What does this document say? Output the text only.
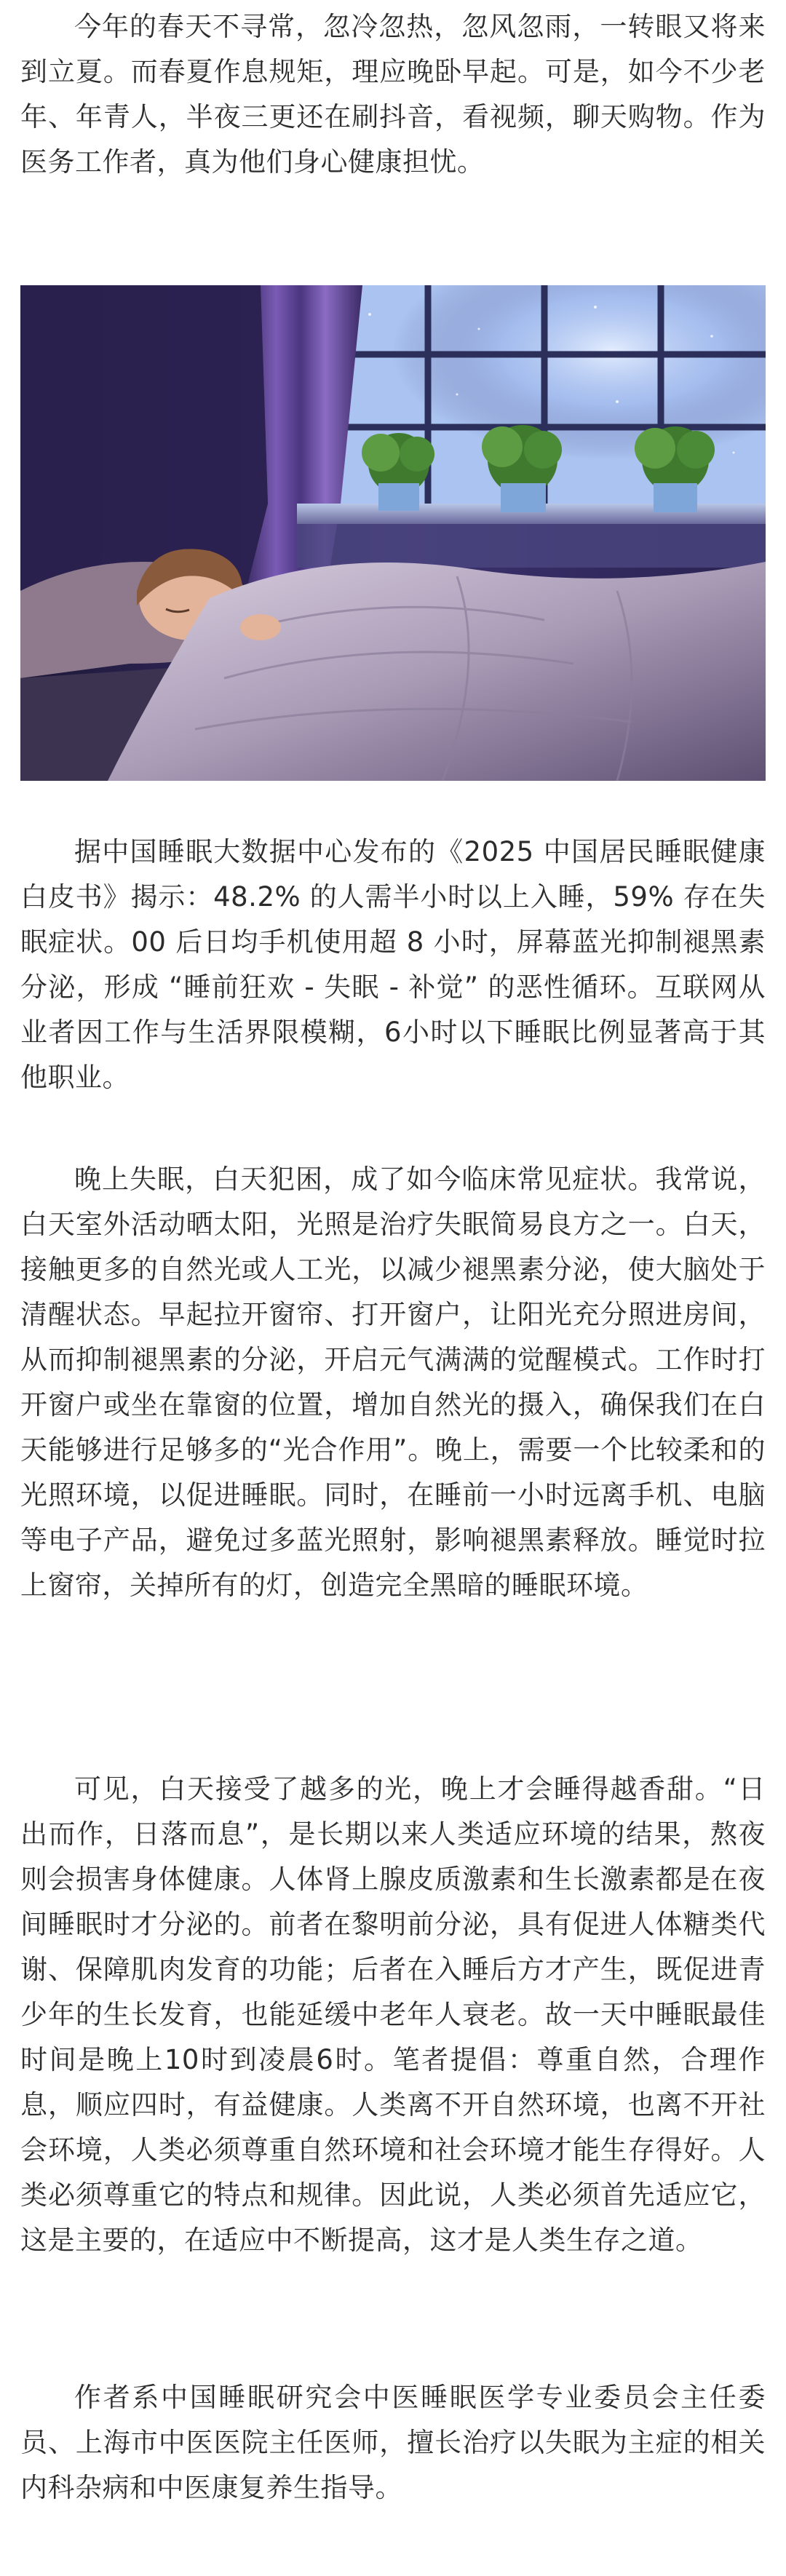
今年的春天不寻常，忽冷忽热，忽风忽雨，一转眼又将来到立夏。而春夏作息规矩，理应晚卧早起。可是，如今不少老年、年青人，半夜三更还在刷抖音，看视频，聊天购物。作为医务工作者，真为他们身心健康担忧。

据中国睡眠大数据中心发布的《2025 中国居民睡眠健康白皮书》揭示：48.2% 的人需半小时以上入睡，59% 存在失眠症状。00 后日均手机使用超 8 小时，屏幕蓝光抑制褪黑素分泌，形成 “睡前狂欢 - 失眠 - 补觉” 的恶性循环。互联网从业者因工作与生活界限模糊，6小时以下睡眠比例显著高于其他职业。

晚上失眠，白天犯困，成了如今临床常见症状。我常说，白天室外活动晒太阳，光照是治疗失眠简易良方之一。白天，接触更多的自然光或人工光，以减少褪黑素分泌，使大脑处于清醒状态。早起拉开窗帘、打开窗户，让阳光充分照进房间，从而抑制褪黑素的分泌，开启元气满满的觉醒模式。工作时打开窗户或坐在靠窗的位置，增加自然光的摄入，确保我们在白天能够进行足够多的“光合作用”。晚上，需要一个比较柔和的光照环境，以促进睡眠。同时，在睡前一小时远离手机、电脑等电子产品，避免过多蓝光照射，影响褪黑素释放。睡觉时拉上窗帘，关掉所有的灯，创造完全黑暗的睡眠环境。

可见，白天接受了越多的光，晚上才会睡得越香甜。“日出而作，日落而息”，是长期以来人类适应环境的结果，熬夜则会损害身体健康。人体肾上腺皮质激素和生长激素都是在夜间睡眠时才分泌的。前者在黎明前分泌，具有促进人体糖类代谢、保障肌肉发育的功能；后者在入睡后方才产生，既促进青少年的生长发育，也能延缓中老年人衰老。故一天中睡眠最佳时间是晚上10时到凌晨6时。笔者提倡：尊重自然，合理作息，顺应四时，有益健康。人类离不开自然环境，也离不开社会环境，人类必须尊重自然环境和社会环境才能生存得好。人类必须尊重它的特点和规律。因此说，人类必须首先适应它，这是主要的，在适应中不断提高，这才是人类生存之道。

作者系中国睡眠研究会中医睡眠医学专业委员会主任委员、上海市中医医院主任医师，擅长治疗以失眠为主症的相关内科杂病和中医康复养生指导。
